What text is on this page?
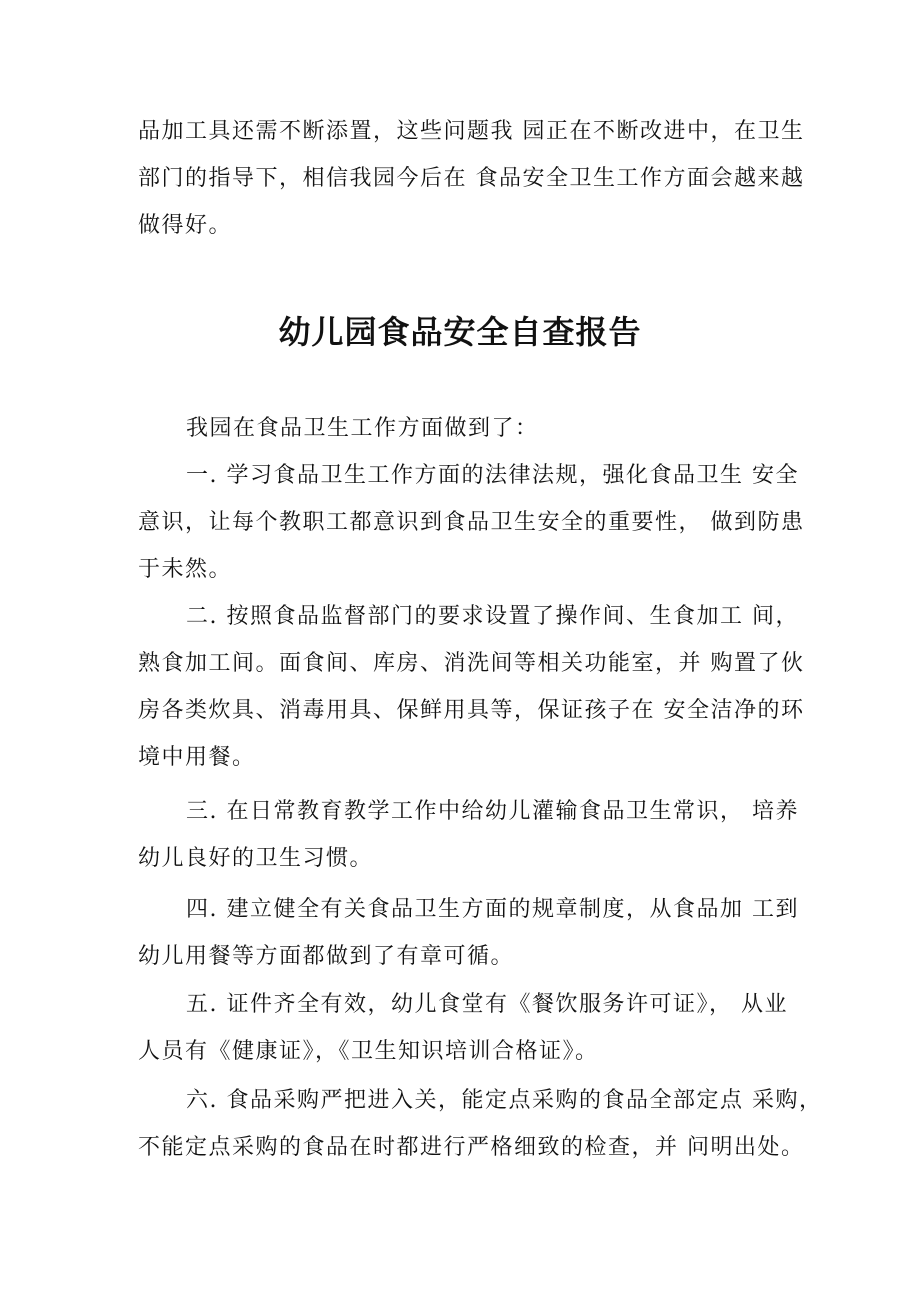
品加工具还需不断添置，这些问题我 园正在不断改进中，在卫生
部门的指导下，相信我园今后在 食品安全卫生工作方面会越来越
做得好。
幼儿园食品安全自查报告
我园在食品卫生工作方面做到了：
一. 学习食品卫生工作方面的法律法规，强化食品卫生 安全
意识，让每个教职工都意识到食品卫生安全的重要性， 做到防患
于未然。
二. 按照食品监督部门的要求设置了操作间、生食加工 间，
熟食加工间。面食间、库房、消洗间等相关功能室，并 购置了伙
房各类炊具、消毒用具、保鲜用具等，保证孩子在 安全洁净的环
境中用餐。
三. 在日常教育教学工作中给幼儿灌输食品卫生常识， 培养
幼儿良好的卫生习惯。
四. 建立健全有关食品卫生方面的规章制度，从食品加 工到
幼儿用餐等方面都做到了有章可循。
五. 证件齐全有效，幼儿食堂有《餐饮服务许可证》， 从业
人员有《健康证》，《卫生知识培训合格证》。
六. 食品采购严把进入关，能定点采购的食品全部定点 采购，
不能定点采购的食品在时都进行严格细致的检查，并 问明出处。
